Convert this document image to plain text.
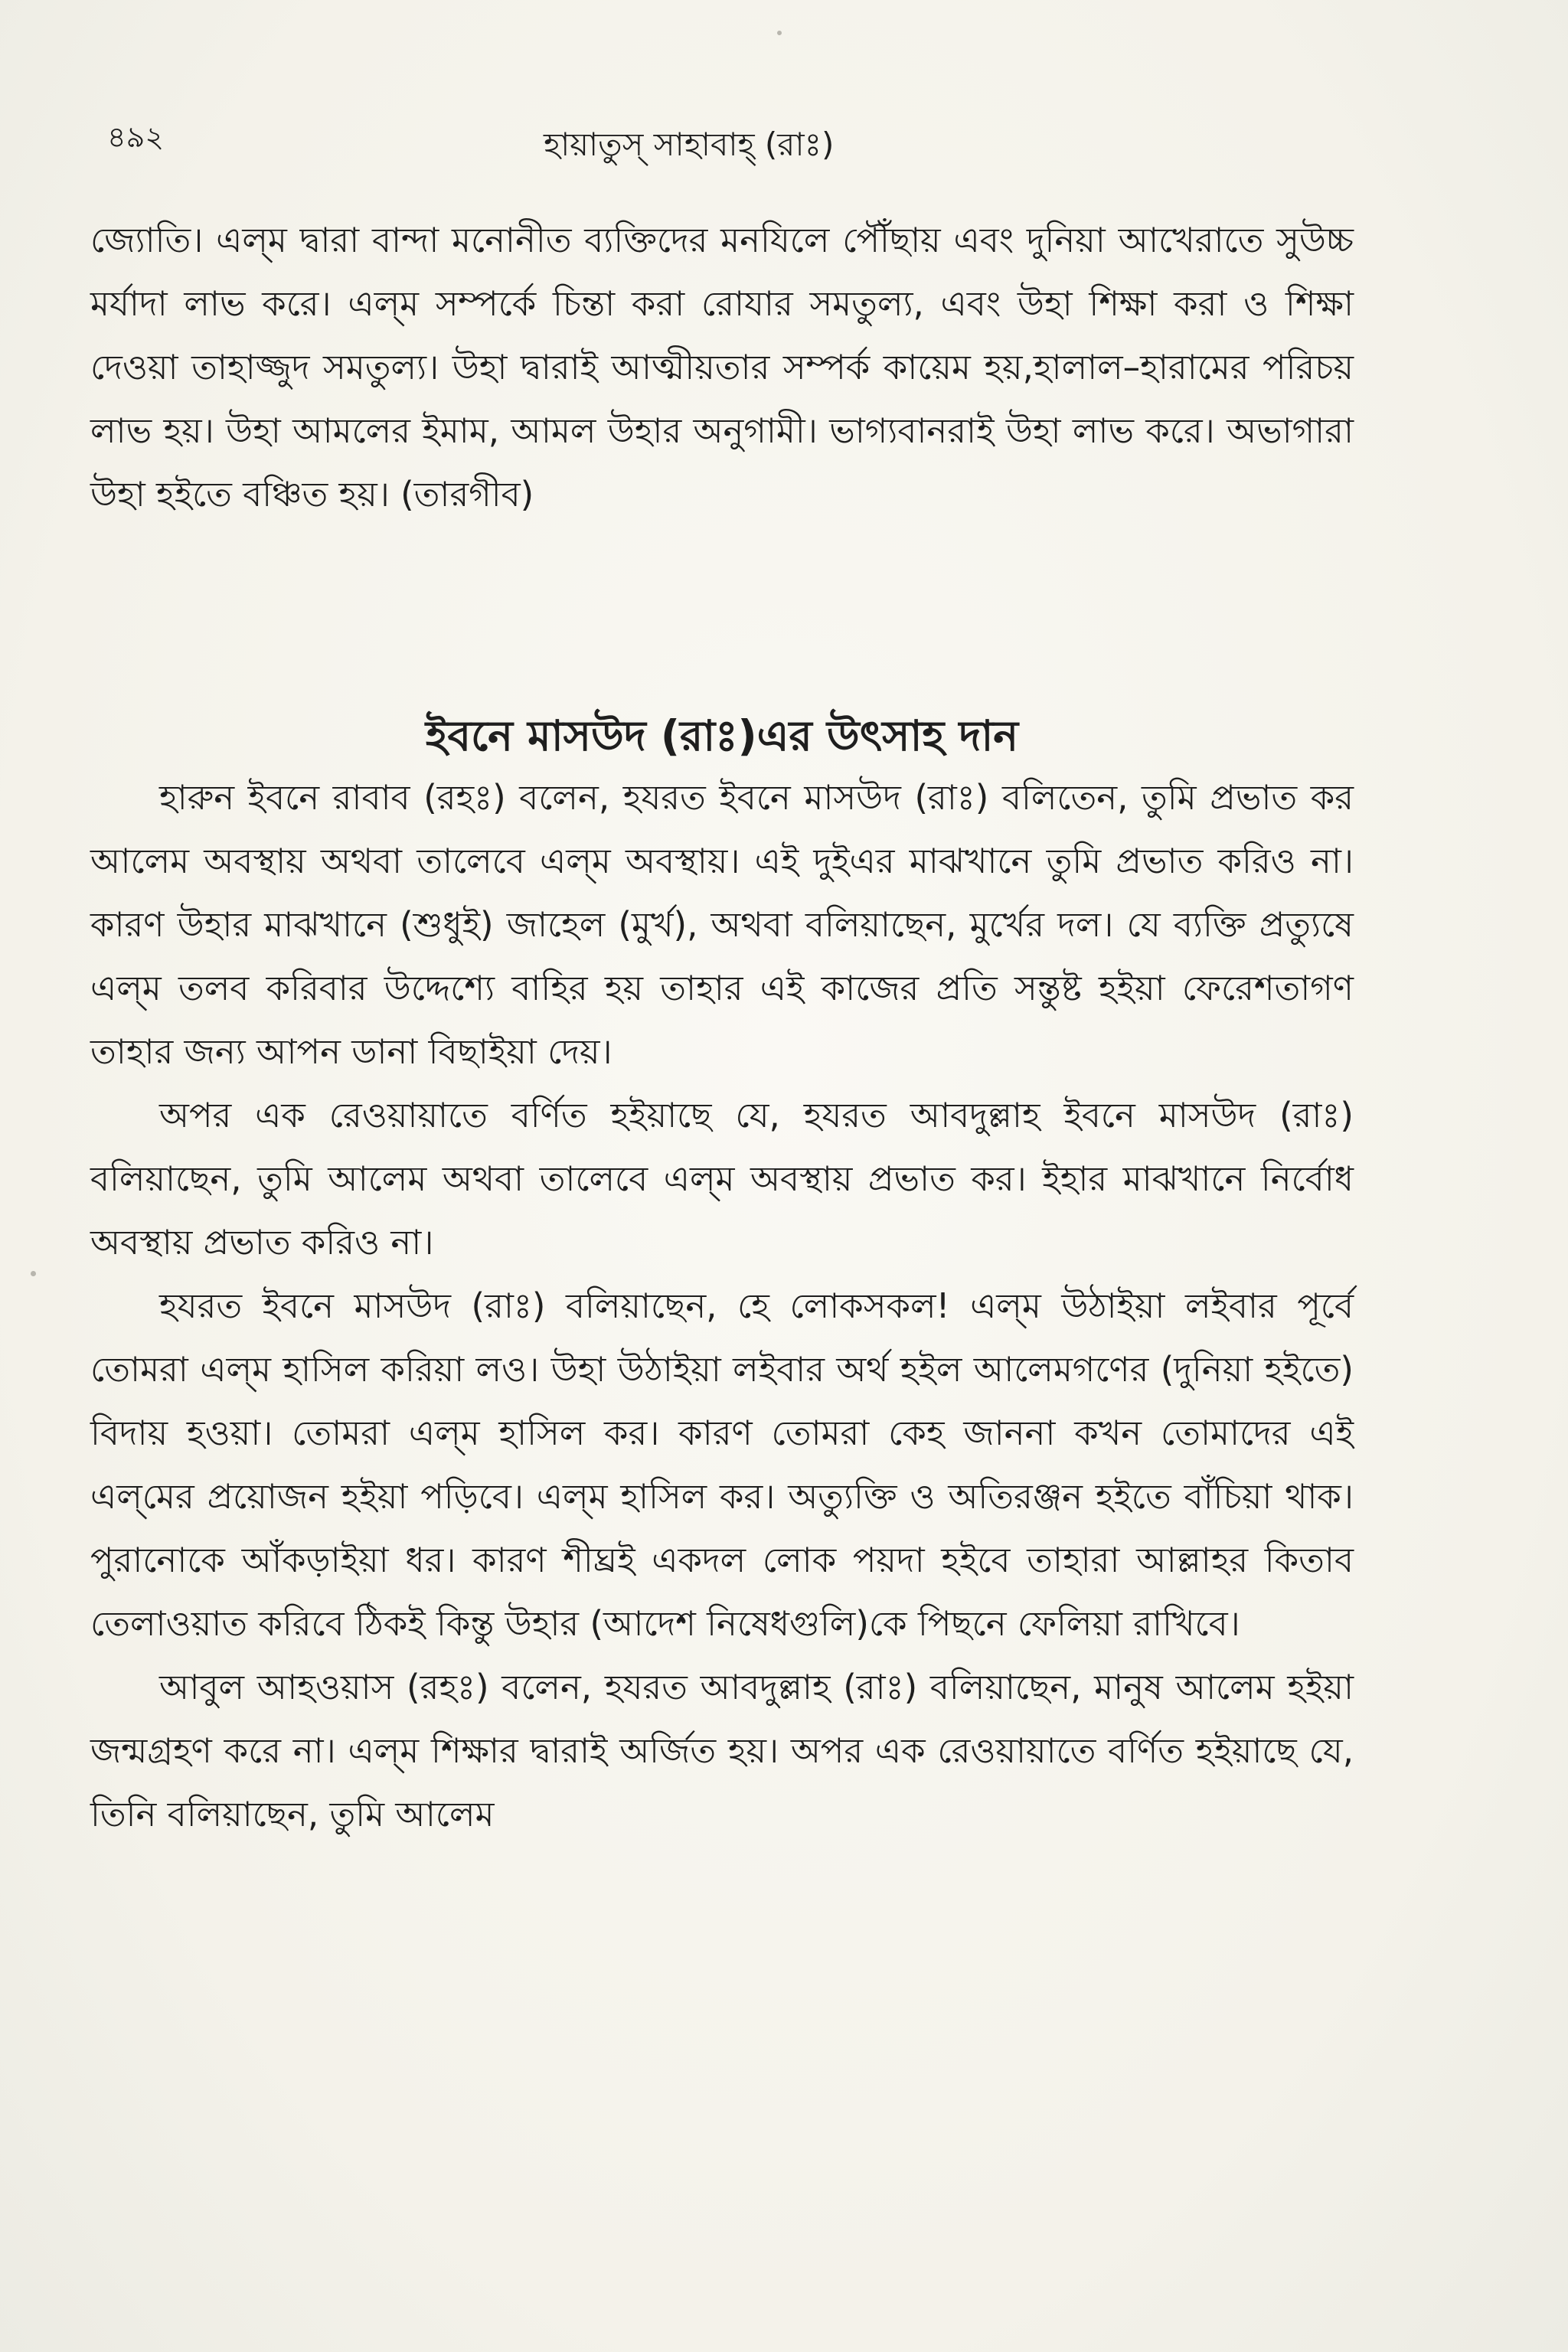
৪৯২	হায়াতুস্ সাহাবাহ্ (রাঃ)

জ্যোতি। এল্‌ম দ্বারা বান্দা মনোনীত ব্যক্তিদের মনযিলে পৌঁছায় এবং দুনিয়া আখেরাতে সুউচ্চ মর্যাদা লাভ করে। এল্‌ম সম্পর্কে চিন্তা করা রোযার সমতুল্য, এবং উহা শিক্ষা করা ও শিক্ষা দেওয়া তাহাজ্জুদ সমতুল্য। উহা দ্বারাই আত্মীয়তার সম্পর্ক কায়েম হয়,হালাল–হারামের পরিচয় লাভ হয়। উহা আমলের ইমাম, আমল উহার অনুগামী। ভাগ্যবানরাই উহা লাভ করে। অভাগারা উহা হইতে বঞ্চিত হয়। (তারগীব)

ইবনে মাসউদ (রাঃ)এর উৎসাহ দান

হারুন ইবনে রাবাব (রহঃ) বলেন, হযরত ইবনে মাসউদ (রাঃ) বলিতেন, তুমি প্রভাত কর আলেম অবস্থায় অথবা তালেবে এল্‌ম অবস্থায়। এই দুইএর মাঝখানে তুমি প্রভাত করিও না। কারণ উহার মাঝখানে (শুধুই) জাহেল (মুর্খ), অথবা বলিয়াছেন, মুর্খের দল। যে ব্যক্তি প্রত্যুষে এল্‌ম তলব করিবার উদ্দেশ্যে বাহির হয় তাহার এই কাজের প্রতি সন্তুষ্ট হইয়া ফেরেশতাগণ তাহার জন্য আপন ডানা বিছাইয়া দেয়।

অপর এক রেওয়ায়াতে বর্ণিত হইয়াছে যে, হযরত আবদুল্লাহ ইবনে মাসউদ (রাঃ) বলিয়াছেন, তুমি আলেম অথবা তালেবে এল্‌ম অবস্থায় প্রভাত কর। ইহার মাঝখানে নির্বোধ অবস্থায় প্রভাত করিও না।

হযরত ইবনে মাসউদ (রাঃ) বলিয়াছেন, হে লোকসকল! এল্‌ম উঠাইয়া লইবার পূর্বে তোমরা এল্‌ম হাসিল করিয়া লও। উহা উঠাইয়া লইবার অর্থ হইল আলেমগণের (দুনিয়া হইতে) বিদায় হওয়া। তোমরা এল্‌ম হাসিল কর। কারণ তোমরা কেহ জাননা কখন তোমাদের এই এল্‌মের প্রয়োজন হইয়া পড়িবে। এল্‌ম হাসিল কর। অত্যুক্তি ও অতিরঞ্জন হইতে বাঁচিয়া থাক। পুরানোকে আঁকড়াইয়া ধর। কারণ শীঘ্রই একদল লোক পয়দা হইবে তাহারা আল্লাহর কিতাব তেলাওয়াত করিবে ঠিকই কিন্তু উহার (আদেশ নিষেধগুলি)কে পিছনে ফেলিয়া রাখিবে।

আবুল আহওয়াস (রহঃ) বলেন, হযরত আবদুল্লাহ (রাঃ) বলিয়াছেন, মানুষ আলেম হইয়া জন্মগ্রহণ করে না। এল্‌ম শিক্ষার দ্বারাই অর্জিত হয়। অপর এক রেওয়ায়াতে বর্ণিত হইয়াছে যে, তিনি বলিয়াছেন, তুমি আলেম
